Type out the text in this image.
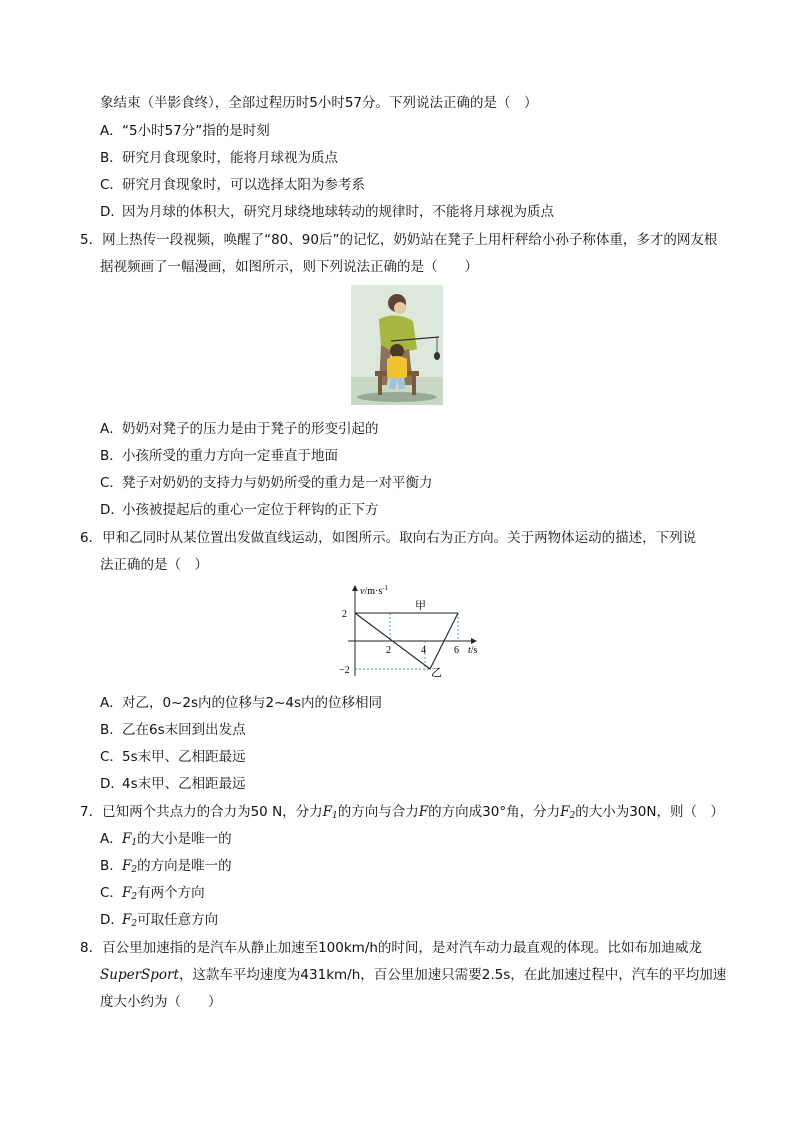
象结束（半影食终），全部过程历时5小时57分。下列说法正确的是（　）
A．“5小时57分”指的是时刻
B．研究月食现象时，能将月球视为质点
C．研究月食现象时，可以选择太阳为参考系
D．因为月球的体积大，研究月球绕地球转动的规律时，不能将月球视为质点
5．网上热传一段视频，唤醒了“80、90后”的记忆，奶奶站在凳子上用杆秤给小孙子称体重，多才的网友根
据视频画了一幅漫画，如图所示，则下列说法正确的是（　　）
A．奶奶对凳子的压力是由于凳子的形变引起的
B．小孩所受的重力方向一定垂直于地面
C．凳子对奶奶的支持力与奶奶所受的重力是一对平衡力
D．小孩被提起后的重心一定位于秤钩的正下方
6．甲和乙同时从某位置出发做直线运动，如图所示。取向右为正方向。关于两物体运动的描述，下列说
法正确的是（　）
$v/m\cdot s^{-1}$
2
−2
2	4	6 t/s
甲
乙
A．对乙，0~2s内的位移与2~4s内的位移相同
B．乙在6s末回到出发点
C．5s末甲、乙相距最远
D．4s末甲、乙相距最远
7．已知两个共点力的合力为50 N，分力$F_1$的方向与合力F的方向成30°角，分力$F_2$的大小为30N，则（　）
A．$F_1$的大小是唯一的
B．$F_2$的方向是唯一的
C．$F_2$有两个方向
D．$F_2$可取任意方向
8．百公里加速指的是汽车从静止加速至100km/h的时间，是对汽车动力最直观的体现。比如布加迪威龙
SuperSport，这款车平均速度为431km/h，百公里加速只需要2.5s，在此加速过程中，汽车的平均加速
度大小约为（　　）
